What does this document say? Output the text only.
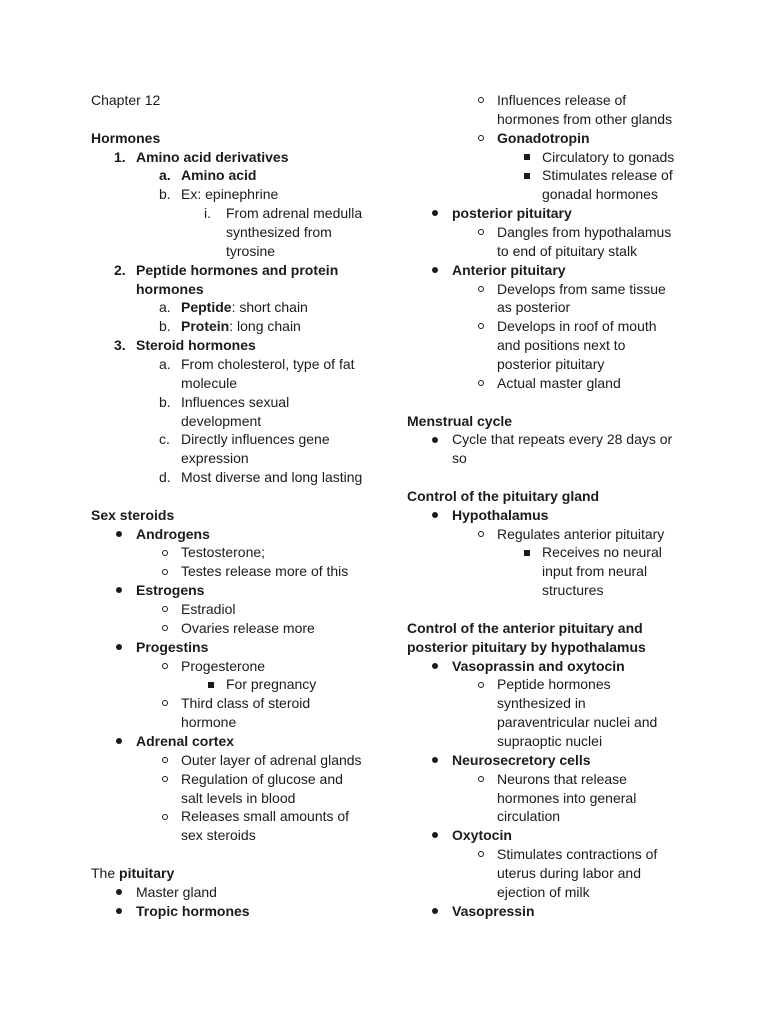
Chapter 12
Hormones
1. Amino acid derivatives
a. Amino acid
b. Ex: epinephrine
i. From adrenal medulla
synthesized from
tyrosine
2. Peptide hormones and protein
hormones
a. Peptide: short chain
b. Protein: long chain
3. Steroid hormones
a. From cholesterol, type of fat
molecule
b. Influences sexual
development
c. Directly influences gene
expression
d. Most diverse and long lasting
Sex steroids
Androgens
Testosterone;
Testes release more of this
Estrogens
Estradiol
Ovaries release more
Progestins
Progesterone
For pregnancy
Third class of steroid
hormone
Adrenal cortex
Outer layer of adrenal glands
Regulation of glucose and
salt levels in blood
Releases small amounts of
sex steroids
The pituitary
Master gland
Tropic hormones
Influences release of
hormones from other glands
Gonadotropin
Circulatory to gonads
Stimulates release of
gonadal hormones
posterior pituitary
Dangles from hypothalamus
to end of pituitary stalk
Anterior pituitary
Develops from same tissue
as posterior
Develops in roof of mouth
and positions next to
posterior pituitary
Actual master gland
Menstrual cycle
Cycle that repeats every 28 days or
so
Control of the pituitary gland
Hypothalamus
Regulates anterior pituitary
Receives no neural
input from neural
structures
Control of the anterior pituitary and
posterior pituitary by hypothalamus
Vasoprassin and oxytocin
Peptide hormones
synthesized in
paraventricular nuclei and
supraoptic nuclei
Neurosecretory cells
Neurons that release
hormones into general
circulation
Oxytocin
Stimulates contractions of
uterus during labor and
ejection of milk
Vasopressin
